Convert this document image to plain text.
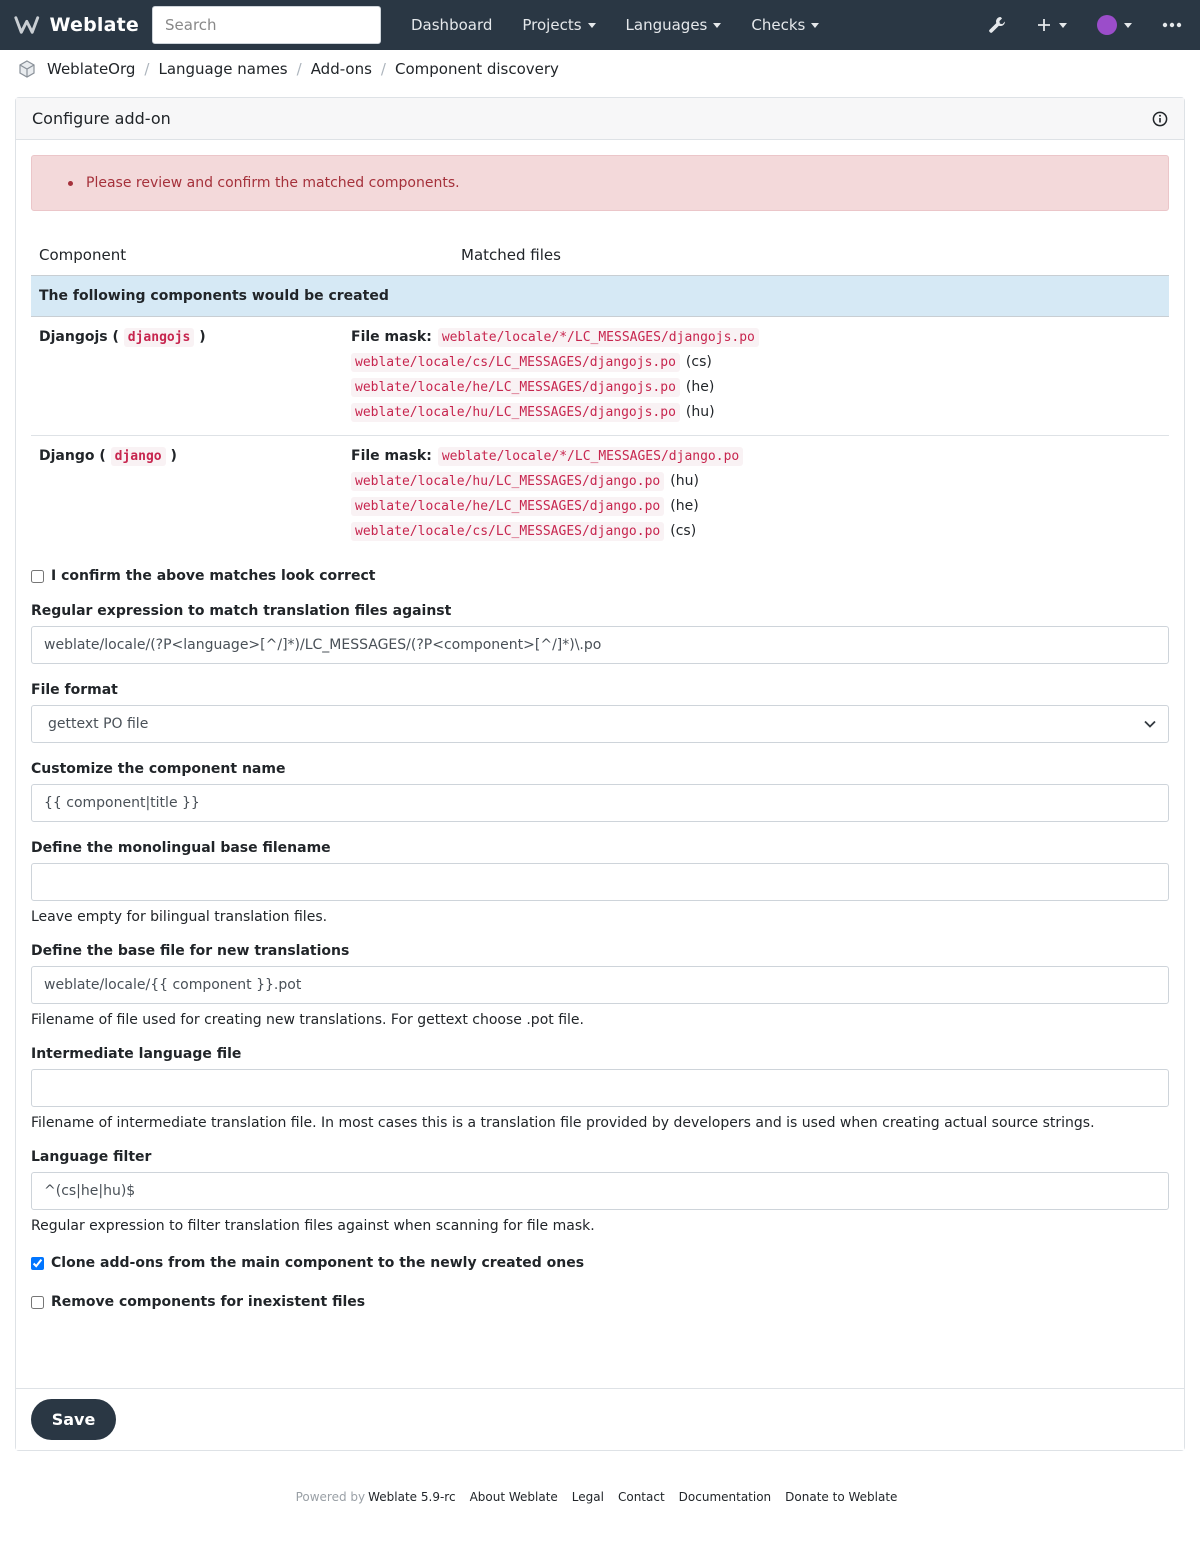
Weblate
Search	Dashboard Projects	Languages	Checks
WeblateOrg / Language names / Add-ons / Component discovery
Configure add-on
Please review and confirm the matched components.
Component	Matched files
The following components would be created
Djangojs ( djangojs )	File mask: weblate/locale/*/LC_MESSAGES/djangojs.po
weblate/locale/cs/LC_MESSAGES/djangojs.po (cs)
weblate/locale/he/LC_MESSAGES/djangojs.po (he)
weblate/locale/hu/LC_MESSAGES/djangojs.po (hu)
Django ( django )	File mask: weblate/locale/*/LC_MESSAGES/django.po
weblate/locale/hu/LC_MESSAGES/django.po (hu)
weblate/locale/he/LC_MESSAGES/django.po (he)
weblate/locale/cs/LC_MESSAGES/django.po (cs)
I confirm the above matches look correct
Regular expression to match translation files against
weblate/locale/(?P<language>[^/]*)/LC_MESSAGES/(?P<component>[^/]*)\.po
File format
gettext PO file
Customize the component name
{{ component|title }}
Define the monolingual base filename
Leave empty for bilingual translation files.
Define the base file for new translations
weblate/locale/{{ component }}.pot
Filename of file used for creating new translations. For gettext choose .pot file.
Intermediate language file
Filename of intermediate translation file. In most cases this is a translation file provided by developers and is used when creating actual source strings.
Language filter
^(cs|he|hu)$
Regular expression to filter translation files against when scanning for file mask.
Clone add-ons from the main component to the newly created ones
Remove components for inexistent files
Save
Powered by Weblate 5.9-rc About Weblate Legal Contact Documentation Donate to Weblate
